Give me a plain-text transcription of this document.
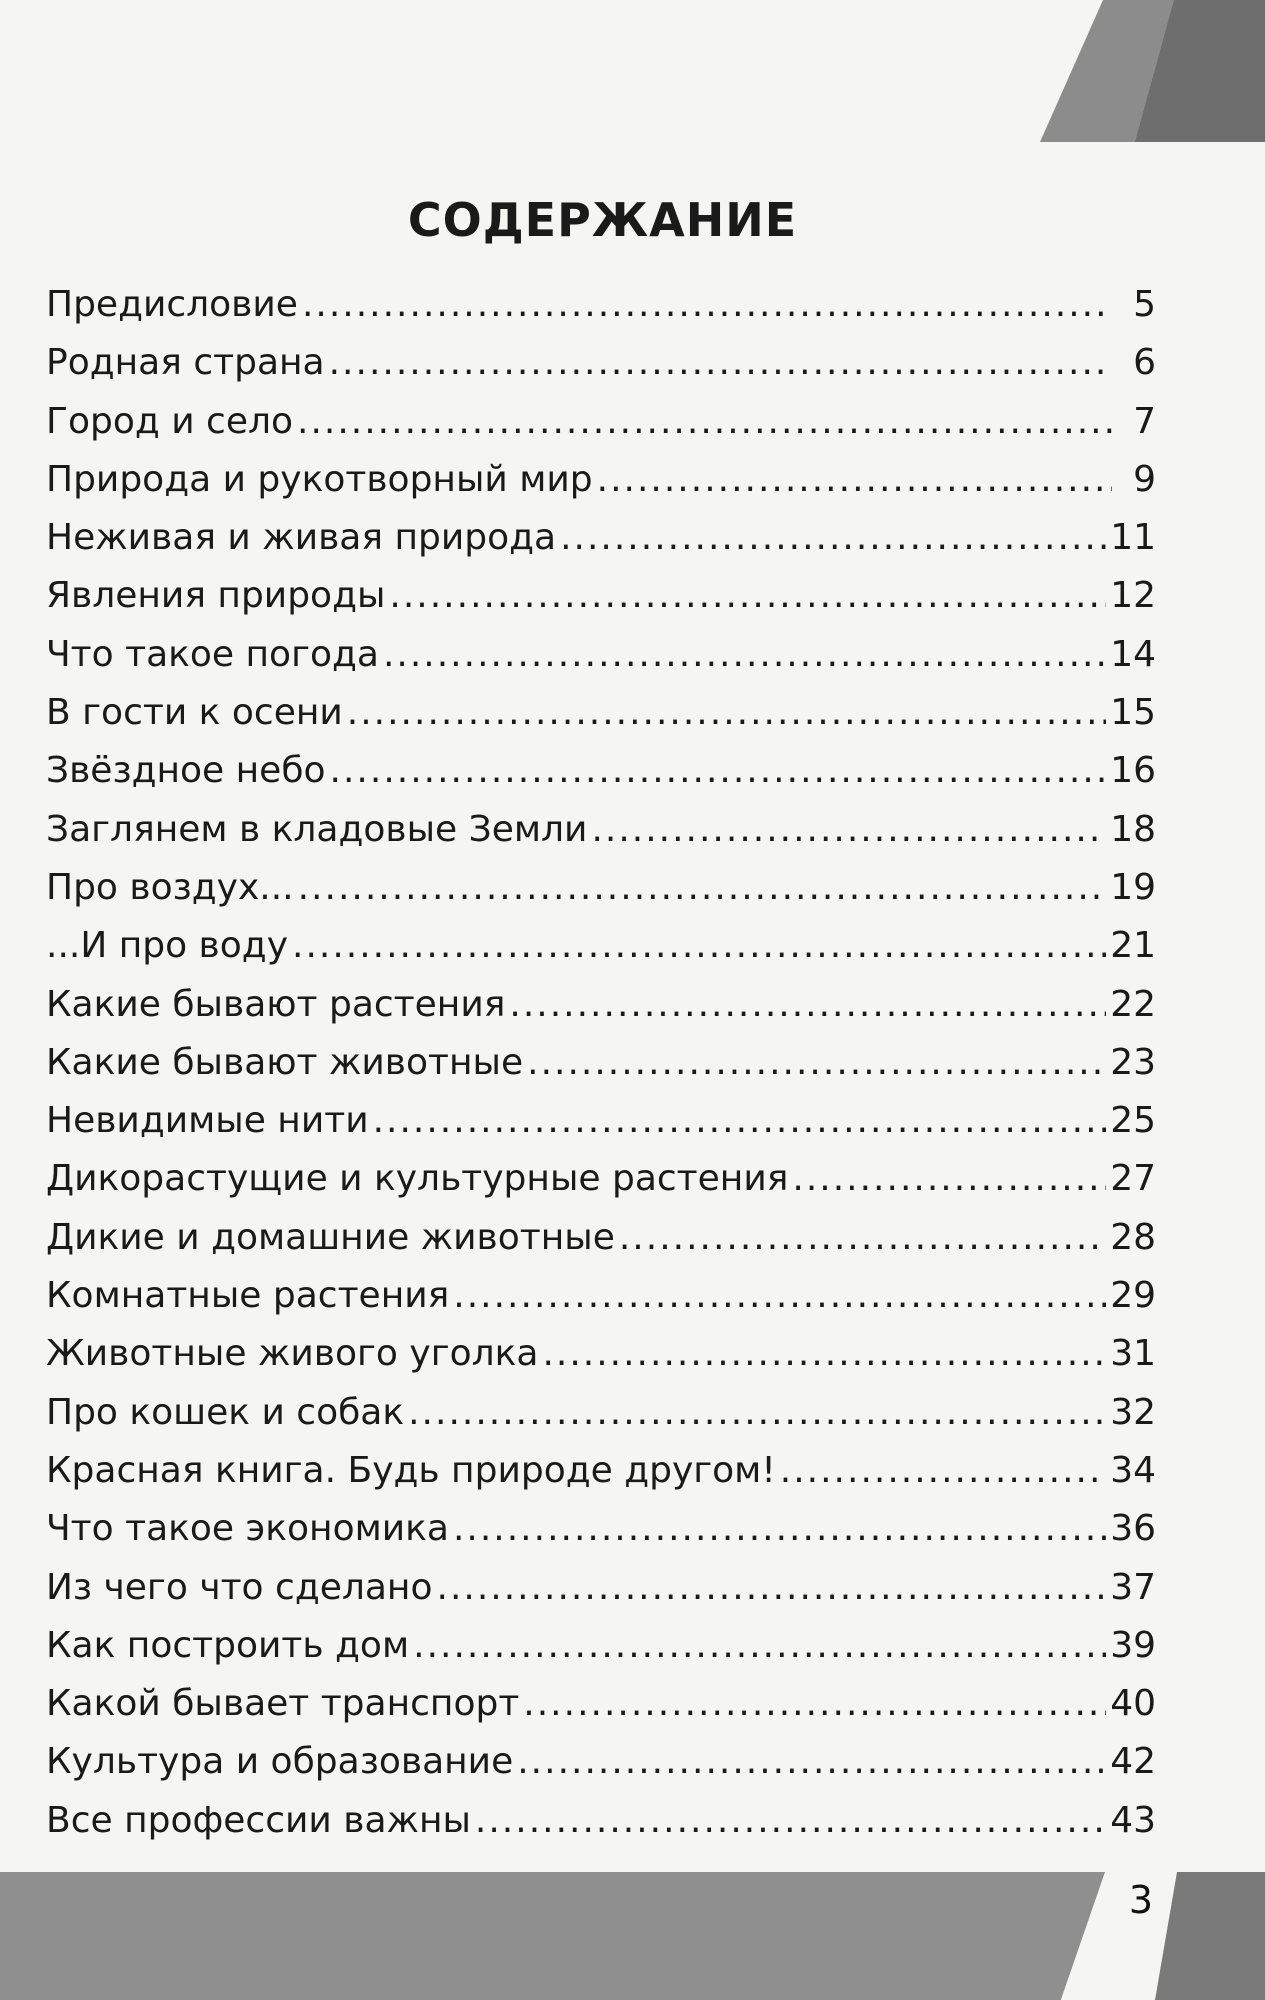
СОДЕРЖАНИЕ
Предисловие .....	5
Родная страна .....	6
Город и село .....	7
Природа и рукотворный мир .....	9
Неживая и живая природа .....	11
Явления природы .....	12
Что такое погода .....	14
В гости к осени .....	15
Звёздное небо .....	16
Заглянем в кладовые Земли .....	18
Про воздух... .....	19
...И про воду .....	21
Какие бывают растения .....	22
Какие бывают животные .....	23
Невидимые нити .....	25
Дикорастущие и культурные растения .....	27
Дикие и домашние животные .....	28
Комнатные растения .....	29
Животные живого уголка .....	31
Про кошек и собак .....	32
Красная книга. Будь природе другом! .....	34
Что такое экономика .....	36
Из чего что сделано .....	37
Как построить дом .....	39
Какой бывает транспорт .....	40
Культура и образование .....	42
Все профессии важны .....	43
3
